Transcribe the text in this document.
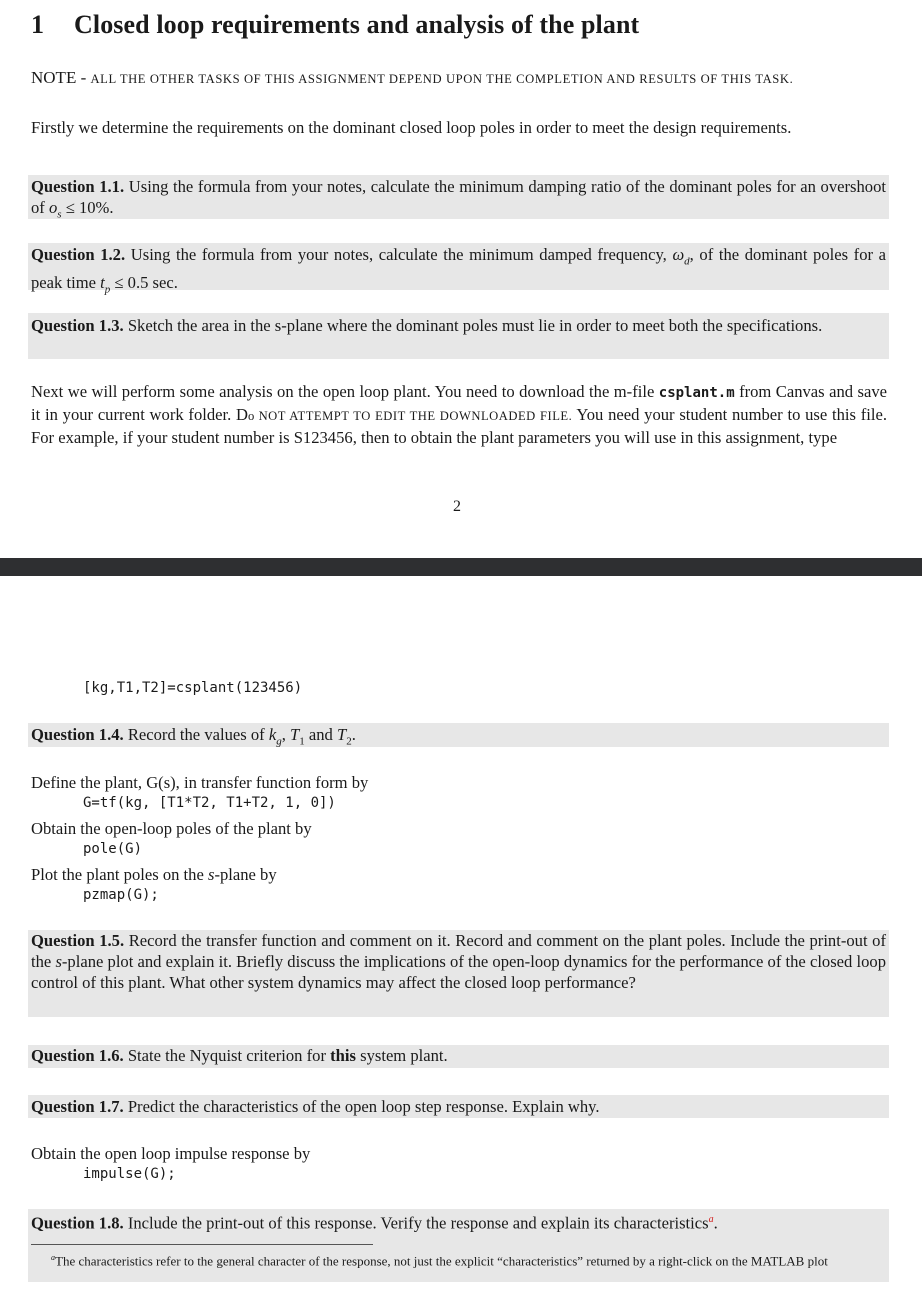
1 Closed loop requirements and analysis of the plant
NOTE - ALL THE OTHER TASKS OF THIS ASSIGNMENT DEPEND UPON THE COMPLETION AND RESULTS OF THIS TASK.
Firstly we determine the requirements on the dominant closed loop poles in order to meet the design requirements.
Question 1.1. Using the formula from your notes, calculate the minimum damping ratio of the dominant poles for an overshoot of $o_s \le 10\%$.
Question 1.2. Using the formula from your notes, calculate the minimum damped frequency, $\omega_d$, of the dominant poles for a peak time $t_p \le 0.5$ sec.
Question 1.3. Sketch the area in the s-plane where the dominant poles must lie in order to meet both the specifications.
Next we will perform some analysis on the open loop plant. You need to download the m-file csplant.m from Canvas and save it in your current work folder. Do NOT ATTEMPT TO EDIT THE DOWNLOADED FILE. You need your student number to use this file. For example, if your student number is S123456, then to obtain the plant parameters you will use in this assignment, type
2
[kg,T1,T2]=csplant(123456)
Question 1.4. Record the values of $k_g$, $T_1$ and $T_2$.
Define the plant, G(s), in transfer function form by
G=tf(kg, [T1*T2, T1+T2, 1, 0])
Obtain the open-loop poles of the plant by
pole(G)
Plot the plant poles on the s-plane by
pzmap(G);
Question 1.5. Record the transfer function and comment on it. Record and comment on the plant poles. Include the print-out of the s-plane plot and explain it. Briefly discuss the implications of the open-loop dynamics for the performance of the closed loop control of this plant. What other system dynamics may affect the closed loop performance?
Question 1.6. State the Nyquist criterion for this system plant.
Question 1.7. Predict the characteristics of the open loop step response. Explain why.
Obtain the open loop impulse response by
impulse(G);
Question 1.8. Include the print-out of this response. Verify the response and explain its characteristics$^a$.
$^a$The characteristics refer to the general character of the response, not just the explicit “characteristics” returned by a right-click on the MATLAB plot
